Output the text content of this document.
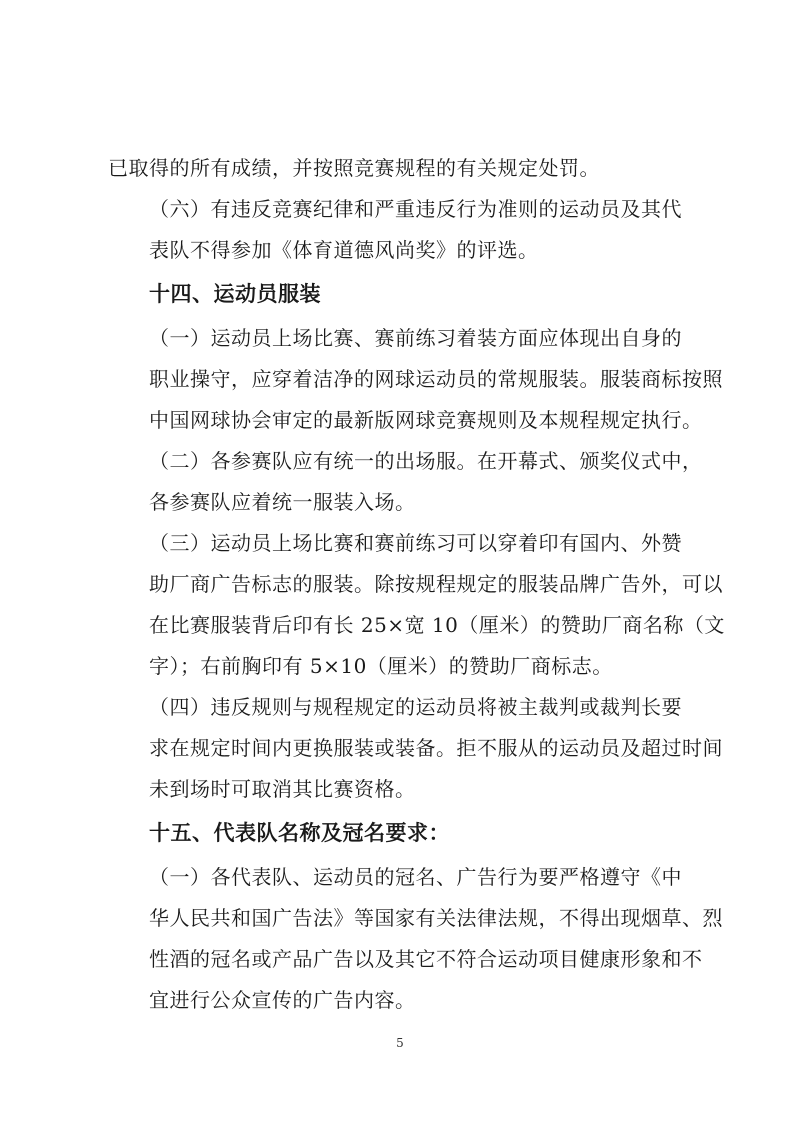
已取得的所有成绩，并按照竞赛规程的有关规定处罚。

（六）有违反竞赛纪律和严重违反行为准则的运动员及其代
表队不得参加《体育道德风尚奖》的评选。

十四、运动员服装

（一）运动员上场比赛、赛前练习着装方面应体现出自身的
职业操守，应穿着洁净的网球运动员的常规服装。服装商标按照
中国网球协会审定的最新版网球竞赛规则及本规程规定执行。

（二）各参赛队应有统一的出场服。在开幕式、颁奖仪式中，
各参赛队应着统一服装入场。

（三）运动员上场比赛和赛前练习可以穿着印有国内、外赞
助厂商广告标志的服装。除按规程规定的服装品牌广告外，可以
在比赛服装背后印有长 25×宽 10（厘米）的赞助厂商名称（文
字）；右前胸印有 5×10（厘米）的赞助厂商标志。

（四）违反规则与规程规定的运动员将被主裁判或裁判长要
求在规定时间内更换服装或装备。拒不服从的运动员及超过时间
未到场时可取消其比赛资格。

十五、代表队名称及冠名要求：

（一）各代表队、运动员的冠名、广告行为要严格遵守《中
华人民共和国广告法》等国家有关法律法规，不得出现烟草、烈
性酒的冠名或产品广告以及其它不符合运动项目健康形象和不
宜进行公众宣传的广告内容。

5
